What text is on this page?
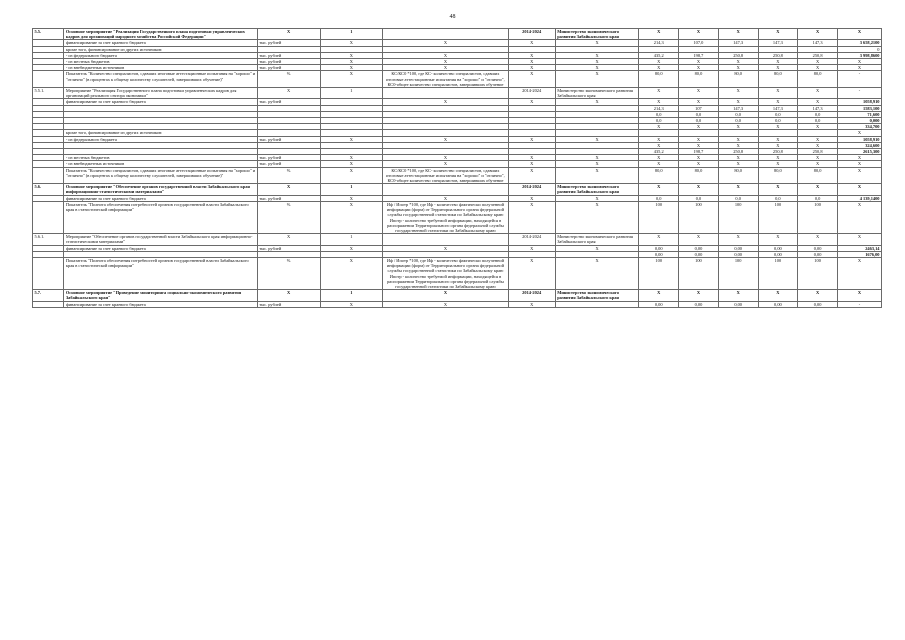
48
5.5.	Основное мероприятие "Реализация Государственного плана подготовки управленческих кадров для организаций народного хозяйства Российской Федерации"	X	1		2014-2024	Министерство экономического развития Забайкальского края	X	X	X	X	X	X
	финансирование за счет краевого бюджета	тыс. рублей	X	X	X	X	214,3	107,0	147,3	147,3	147,3	3 658,2100
	кроме того, финансирование из других источников:											0
	- из федерального бюджета	тыс. рублей	X	X	X	X	435,2	198,7	250,8	250,8	250,8	3 998,8600
	- из местных бюджетов	тыс. рублей	X	X	X	X	X	X	X	X	X	X
	- из внебюджетных источников	тыс. рублей	X	X	X	X	X	X	X	X	X	X
	Показатель "Количество специалистов, сдавших итоговые аттестационные испытания на "хорошо" и "отлично" (в процентах к общему количеству слушателей, завершивших обучение)"	%	X	КС/КС0 *100, где КС- количество специалистов, сдавших итоговые аттестационные испытания на "хорошо" и "отлично", КС0-общее количество специалистов, завершивших обучение	X	X	80,0	80,0	80,0	80,0	80,0	-
5.5.1.	Мероприятие "Реализация Государственного плана подготовки управленческих кадров для организаций реального сектора экономики"	X	1		2014-2024	Министерство экономического развития Забайкальского края	X	X	X	X	X	-
	финансирование за счет краевого бюджета	тыс. рублей		X	X	X	X	X	X	X	X	1058,910
							214,3	107	147,3	147,3	147,3	1583,100
							0,0	0,0	0,0	0,0	0,0	71,600
							0,0	0,0	0,0	0,0	0,0	0,000
							X	X	X	X	X	334,700
	кроме того, финансирование из других источников:											X
	- из федерального бюджета	тыс. рублей	X	X	X	X	X	X	X	X	X	1058,910
							X	X	X	X	X	324,600
							435,2	198,7	250,8	250,8	250,8	2615,300
	- из местных бюджетов	тыс. рублей	X	X	X	X	X	X	X	X	X	X
	- из внебюджетных источников	тыс. рублей	X	X	X	X	X	X	X	X	X	X
	Показатель "Количество специалистов, сдавших итоговые аттестационные испытания на "хорошо" и "отлично" (в процентах к общему количеству слушателей, завершивших обучение)"	%	X	КС/КС0 *100, где КС- количество специалистов, сдавших итоговые аттестационные испытания на "хорошо" и "отлично", КС0-общее количество специалистов, завершивших обучение	X	X	80,0	80,0	80,0	80,0	80,0	X
5.6.	Основное мероприятие "Обеспечение органов государственной власти Забайкальского края информационно-статистическими материалами"	X	1		2014-2024	Министерство экономического развития Забайкальского края	X	X	X	X	X	X
	финансирование за счет краевого бюджета	тыс. рублей	X	X	X	X	0,0	0,0	0,0	0,0	0,0	4 139,1400
	Показатель "Полнота обеспечения потребностей органов государственной власти Забайкальского края в статистической информации"	%	X	Иф / Ипотр *100, где Иф - количество фактически полученной информации (форм) от Территориального органа федеральной службы государственной статистики по Забайкальскому краю Ипотр - количество требуемой информации, находящейся в распоряжении Территориального органа федеральной службы государственной статистики по Забайкальскому краю	X	X	100	100	100	100	100	X
5.6.1.	Мероприятие "Обеспечение органов государственной власти Забайкальского края информационно-статистическими материалами"	X	1		2014-2024	Министерство экономического развития Забайкальского края	X	X	X	X	X	X
	финансирование за счет краевого бюджета	тыс. рублей	X	X	X	X	0,00	0,00	0,00	0,00	0,00	2463,14
							0,00	0,00	0,00	0,00	0,00	1676,00
	Показатель "Полнота обеспечения потребностей органов государственной власти Забайкальского края в статистической информации"	%	X	Иф / Ипотр *100, где Иф - количество фактически полученной информации (форм) от Территориального органа федеральной службы государственной статистики по Забайкальскому краю Ипотр - количество требуемой информации, находящейся в распоряжении Территориального органа федеральной службы государственной статистики по Забайкальскому краю	X	X	100	100	100	100	100	X
5.7.	Основное мероприятие "Проведение мониторинга социально-экономического развития Забайкальского края"	X	1	X	2014-2024	Министерство экономического развития Забайкальского края	X	X	X	X	X	X
	финансирование за счет краевого бюджета	тыс. рублей	X	X	X		0,00	0,00	0,00	0,00	0,00	-
